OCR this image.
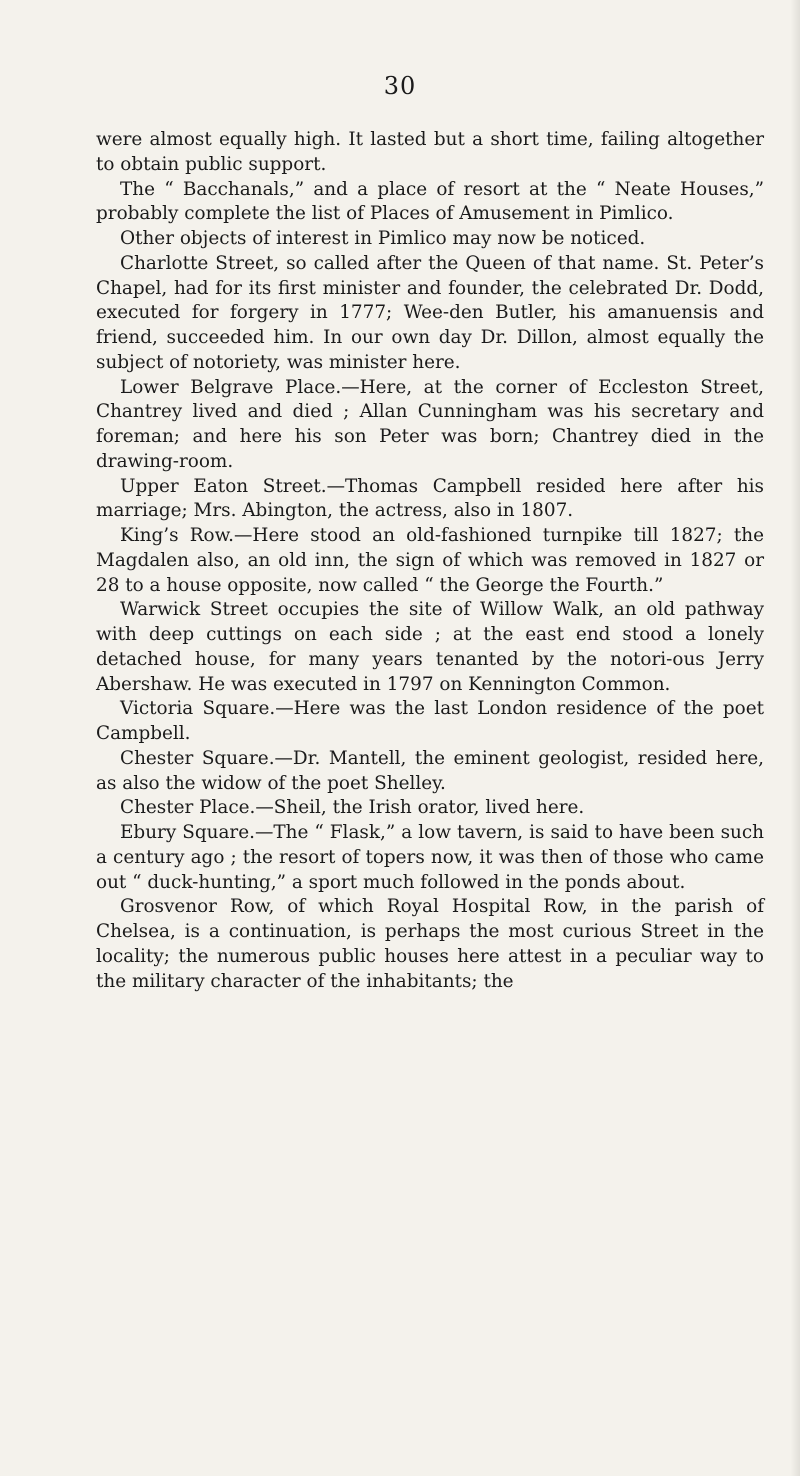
30

were almost equally high. It lasted but a short time, failing altogether to obtain public support.

The “ Bacchanals,” and a place of resort at the “ Neate Houses,” probably complete the list of Places of Amusement in Pimlico.

Other objects of interest in Pimlico may now be noticed.

Charlotte Street, so called after the Queen of that name. St. Peter’s Chapel, had for its first minister and founder, the celebrated Dr. Dodd, executed for forgery in 1777; Wee-den Butler, his amanuensis and friend, succeeded him. In our own day Dr. Dillon, almost equally the subject of notoriety, was minister here.

Lower Belgrave Place.—Here, at the corner of Eccleston Street, Chantrey lived and died ; Allan Cunningham was his secretary and foreman; and here his son Peter was born; Chantrey died in the drawing-room.

Upper Eaton Street.—Thomas Campbell resided here after his marriage; Mrs. Abington, the actress, also in 1807.

King’s Row.—Here stood an old-fashioned turnpike till 1827; the Magdalen also, an old inn, the sign of which was removed in 1827 or 28 to a house opposite, now called “ the George the Fourth.”

Warwick Street occupies the site of Willow Walk, an old pathway with deep cuttings on each side ; at the east end stood a lonely detached house, for many years tenanted by the notori-ous Jerry Abershaw. He was executed in 1797 on Kennington Common.

Victoria Square.—Here was the last London residence of the poet Campbell.

Chester Square.—Dr. Mantell, the eminent geologist, resided here, as also the widow of the poet Shelley.

Chester Place.—Sheil, the Irish orator, lived here.

Ebury Square.—The “ Flask,” a low tavern, is said to have been such a century ago ; the resort of topers now, it was then of those who came out “ duck-hunting,” a sport much followed in the ponds about.

Grosvenor Row, of which Royal Hospital Row, in the parish of Chelsea, is a continuation, is perhaps the most curious Street in the locality; the numerous public houses here attest in a peculiar way to the military character of the inhabitants; the
